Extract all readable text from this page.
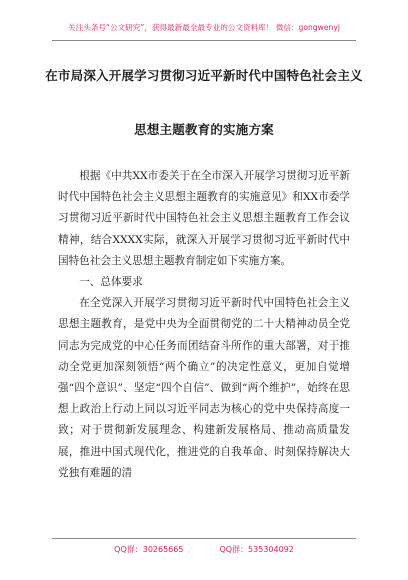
关注头条号“公文研究”，获得最新最全最专业的公文资料库！ 微信：gongwenyj
在市局深入开展学习贯彻习近平新时代中国特色社会主义
思想主题教育的实施方案

根据《中共XX市委关于在全市深入开展学习贯彻习近平新时代中国特色社会主义思想主题教育的实施意见》和XX市委学习贯彻习近平新时代中国特色社会主义思想主题教育工作会议精神，结合XXXX实际，就深入开展学习贯彻习近平新时代中国特色社会主义思想主题教育制定如下实施方案。

一、总体要求

在全党深入开展学习贯彻习近平新时代中国特色社会主义思想主题教育，是党中央为全面贯彻党的二十大精神动员全党同志为完成党的中心任务而团结奋斗所作的重大部署，对于推动全党更加深刻领悟“两个确立”的决定性意义，更加自觉增强“四个意识”、坚定“四个自信”、做到“两个维护”，始终在思想上政治上行动上同以习近平同志为核心的党中央保持高度一致；对于贯彻新发展理念、构建新发展格局、推动高质量发展，推进中国式现代化，推进党的自我革命、时刻保持解决大党独有难题的清

QQ群：30265665	QQ群：535304092
